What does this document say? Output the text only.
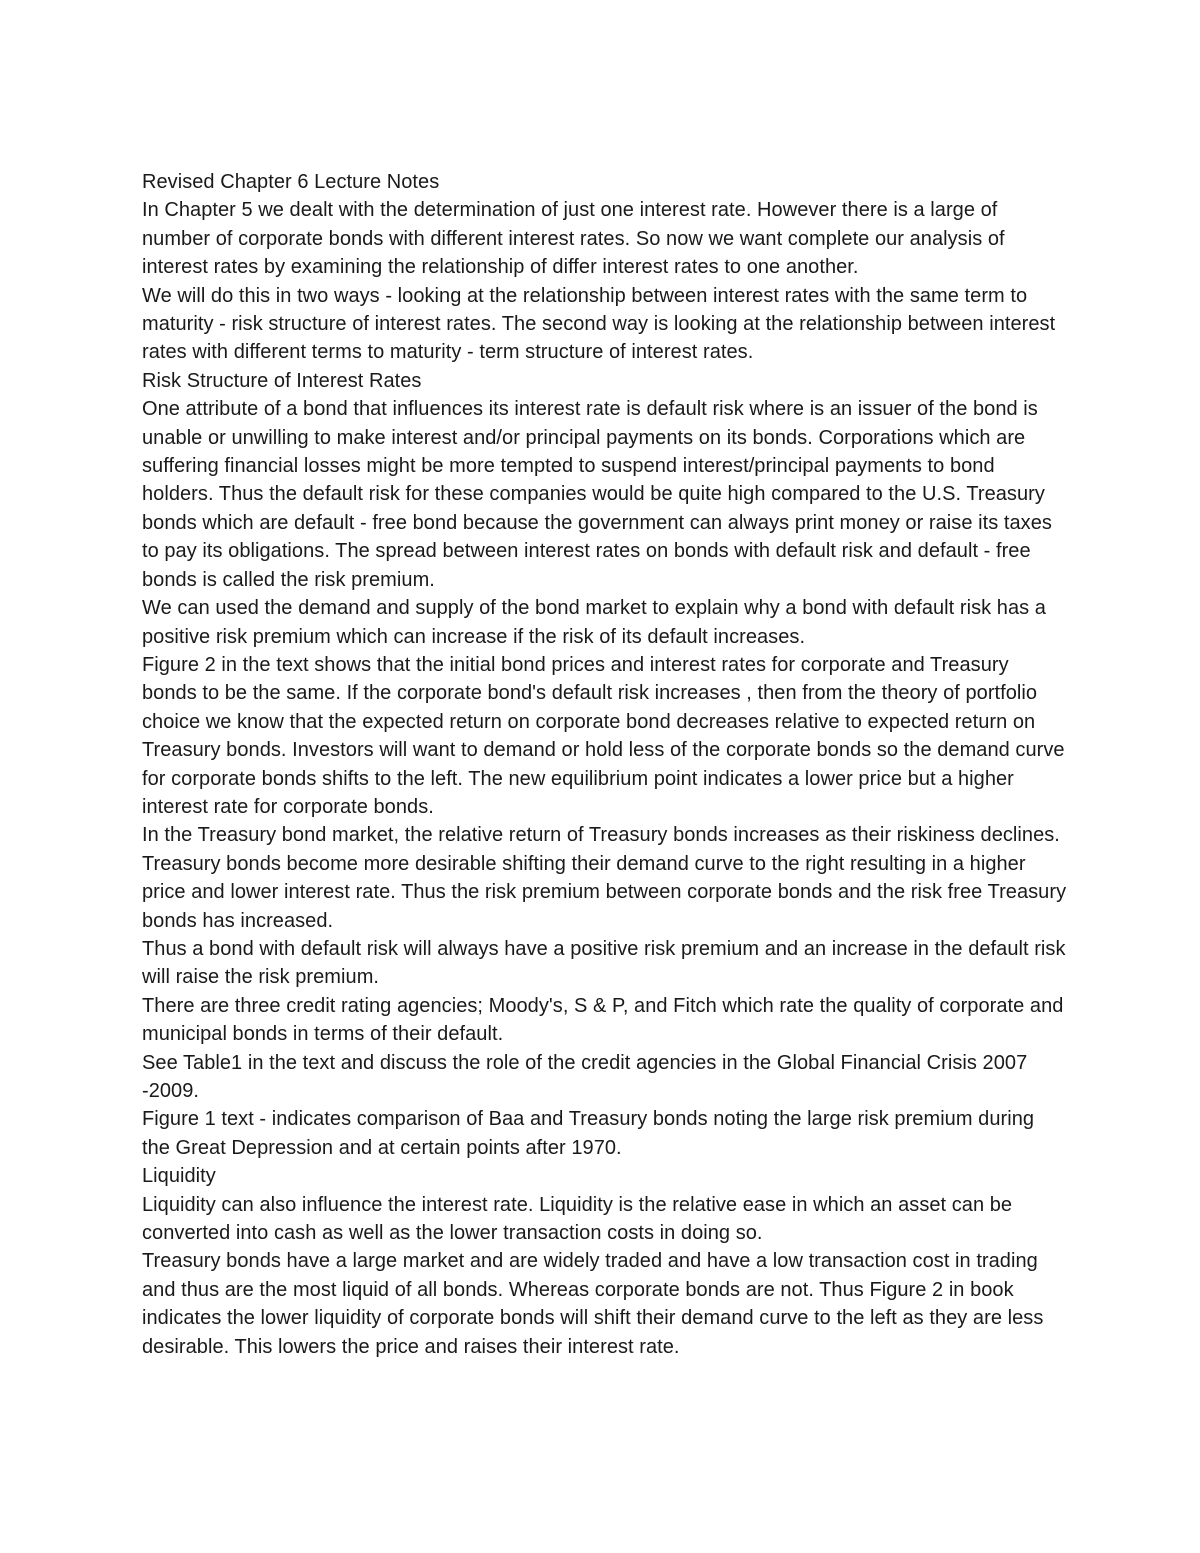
Revised Chapter 6 Lecture Notes

In Chapter 5 we dealt with the determination of just one interest rate. However there is a large of number of corporate bonds with different interest rates. So now we want complete our analysis of interest rates by examining the relationship of differ interest rates to one another.

We will do this in two ways - looking at the relationship between interest rates with the same term to maturity - risk structure of interest rates. The second way is looking at the relationship between interest rates with different terms to maturity - term structure of interest rates.

Risk Structure of Interest Rates

One attribute of a bond that influences its interest rate is default risk where is an issuer of the bond is unable or unwilling to make interest and/or principal payments on its bonds. Corporations which are suffering financial losses might be more tempted to suspend interest/principal payments to bond holders. Thus the default risk for these companies would be quite high compared to the U.S. Treasury bonds which are default - free bond because the government can always print money or raise its taxes to pay its obligations. The spread between interest rates on bonds with default risk and default - free bonds is called the risk premium.

We can used the demand and supply of the bond market to explain why a bond with default risk has a positive risk premium which can increase if the risk of its default increases.

Figure 2 in the text shows that the initial bond prices and interest rates for corporate and Treasury bonds to be the same. If the corporate bond's default risk increases , then from the theory of portfolio choice we know that the expected return on corporate bond decreases relative to expected return on Treasury bonds. Investors will want to demand or hold less of the corporate bonds so the demand curve for corporate bonds shifts to the left. The new equilibrium point indicates a lower price but a higher interest rate for corporate bonds.

In the Treasury bond market, the relative return of Treasury bonds increases as their riskiness declines. Treasury bonds become more desirable shifting their demand curve to the right resulting in a higher price and lower interest rate. Thus the risk premium between corporate bonds and the risk free Treasury bonds has increased.

Thus a bond with default risk will always have a positive risk premium and an increase in the default risk will raise the risk premium.

There are three credit rating agencies; Moody's, S & P, and Fitch which rate the quality of corporate and municipal bonds in terms of their default.

See Table1 in the text and discuss the role of the credit agencies in the Global Financial Crisis 2007 -2009.

Figure 1 text - indicates comparison of Baa and Treasury bonds noting the large risk premium during the Great Depression and at certain points after 1970.

Liquidity

Liquidity can also influence the interest rate. Liquidity is the relative ease in which an asset can be converted into cash as well as the lower transaction costs in doing so.

Treasury bonds have a large market and are widely traded and have a low transaction cost in trading and thus are the most liquid of all bonds. Whereas corporate bonds are not. Thus Figure 2 in book indicates the lower liquidity of corporate bonds will shift their demand curve to the left as they are less desirable. This lowers the price and raises their interest rate.
